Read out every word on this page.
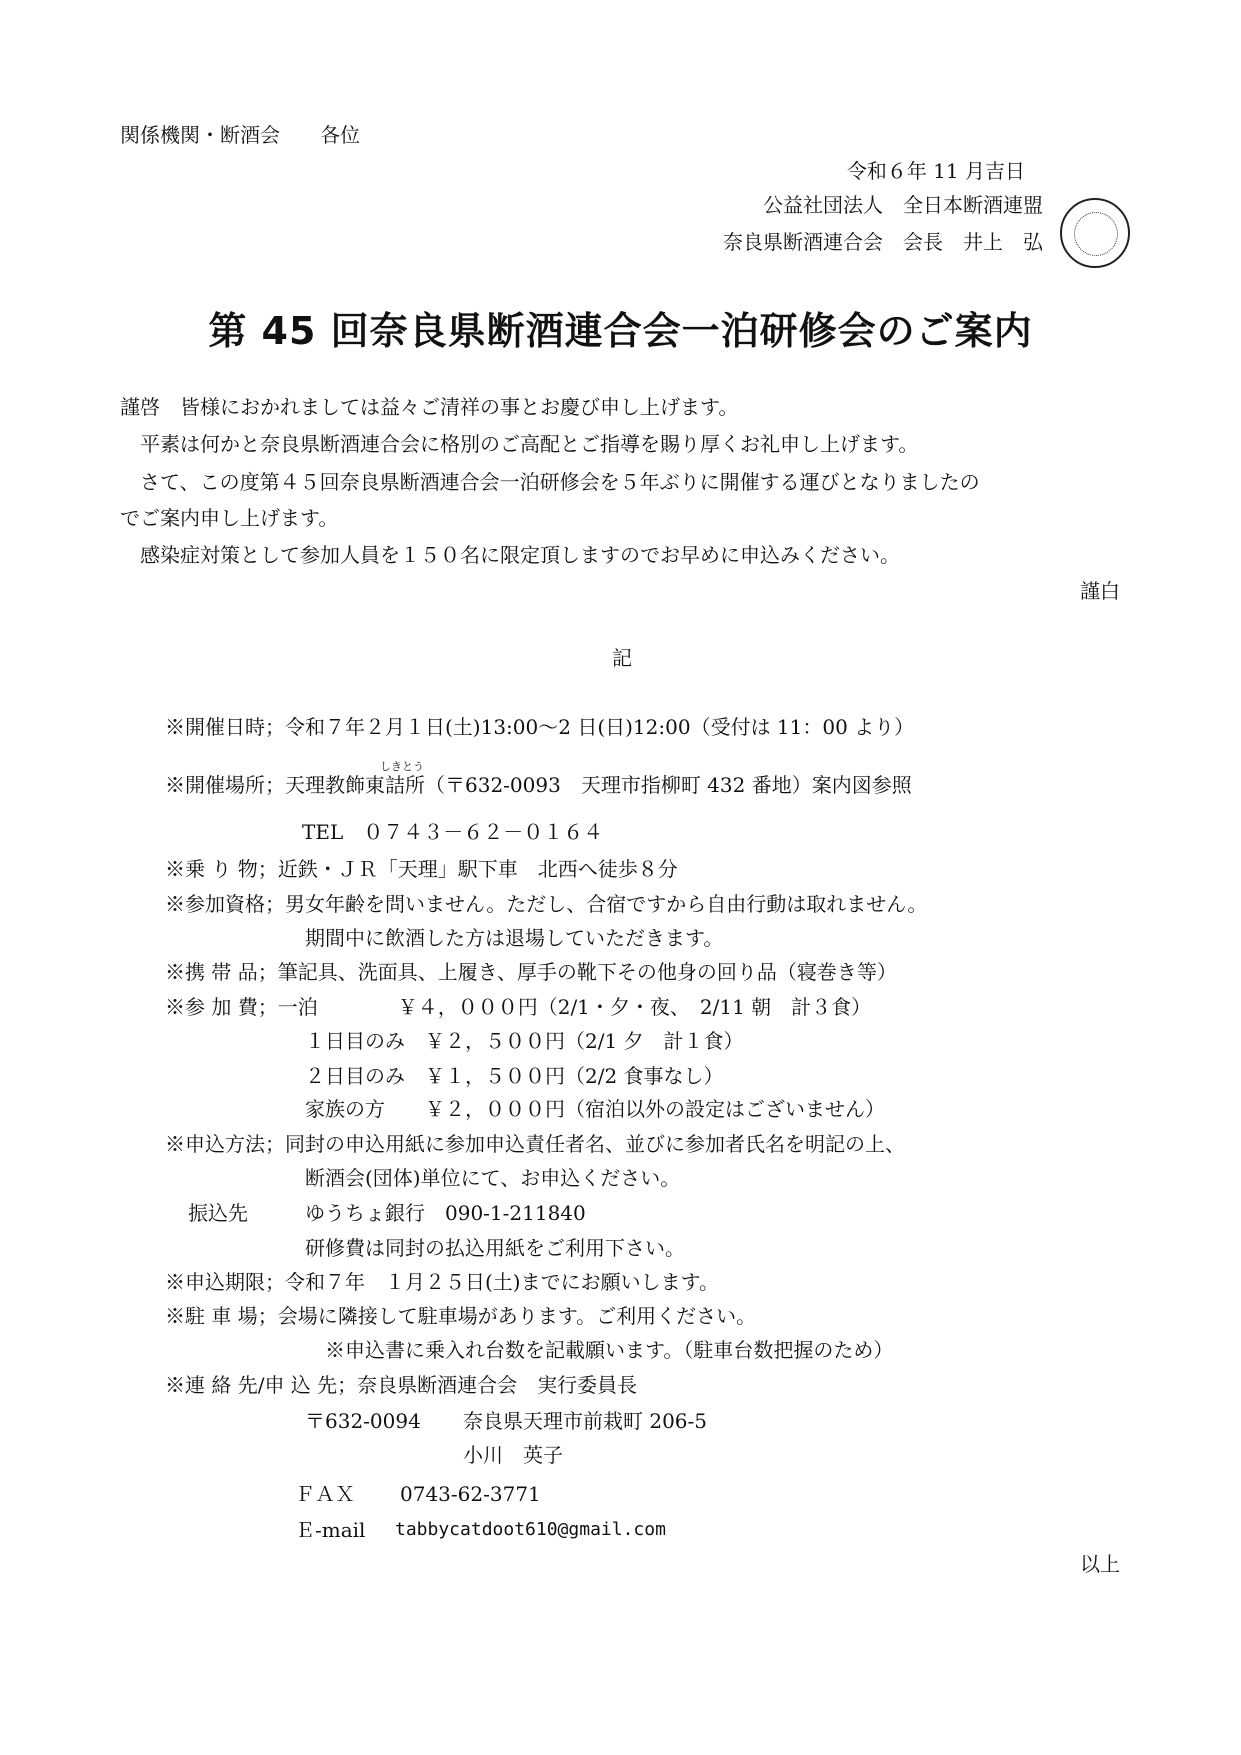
関係機関・断酒会　　各位
令和６年 11 月吉日
公益社団法人　全日本断酒連盟
奈良県断酒連合会　会長　井上　弘
第 45 回奈良県断酒連合会一泊研修会のご案内
謹啓　皆様におかれましては益々ご清祥の事とお慶び申し上げます。
　平素は何かと奈良県断酒連合会に格別のご高配とご指導を賜り厚くお礼申し上げます。
　さて、この度第４５回奈良県断酒連合会一泊研修会を５年ぶりに開催する運びとなりましたの
でご案内申し上げます。
　感染症対策として参加人員を１５０名に限定頂しますのでお早めに申込みください。
謹白
記
※開催日時；令和７年２月１日(土)13:00～2 日(日)12:00（受付は 11：00 より）
しきとう
※開催場所；天理教飾東詰所（〒632-0093　天理市指柳町 432 番地）案内図参照
TEL　０７４３－６２－０１６４
※乗 り 物；近鉄・ＪＲ「天理」駅下車　北西へ徒歩８分
※参加資格；男女年齢を問いません。ただし、合宿ですから自由行動は取れません。
期間中に飲酒した方は退場していただきます。
※携 帯 品；筆記具、洗面具、上履き、厚手の靴下その他身の回り品（寝巻き等）
※参 加 費；一泊　　　　￥４，０００円（2/1・夕・夜、　2/11 朝　計３食）
１日目のみ　￥２，５００円（2/1 夕　計１食）
２日目のみ　￥１，５００円（2/2 食事なし）
家族の方　　￥２，０００円（宿泊以外の設定はございません）
※申込方法；同封の申込用紙に参加申込責任者名、並びに参加者氏名を明記の上、
断酒会(団体)単位にて、お申込ください。
振込先	ゆうちょ銀行　090-1-211840
研修費は同封の払込用紙をご利用下さい。
※申込期限；令和７年　１月２５日(土)までにお願いします。
※駐 車 場；会場に隣接して駐車場があります。ご利用ください。
※申込書に乗入れ台数を記載願います。（駐車台数把握のため）
※連 絡 先/申 込 先；奈良県断酒連合会　実行委員長
〒632-0094 奈良県天理市前栽町 206-5
小川　英子
ＦＡＸ 0743-62-3771
Ｅ-mail tabbycatdoot610@gmail.com
以上
